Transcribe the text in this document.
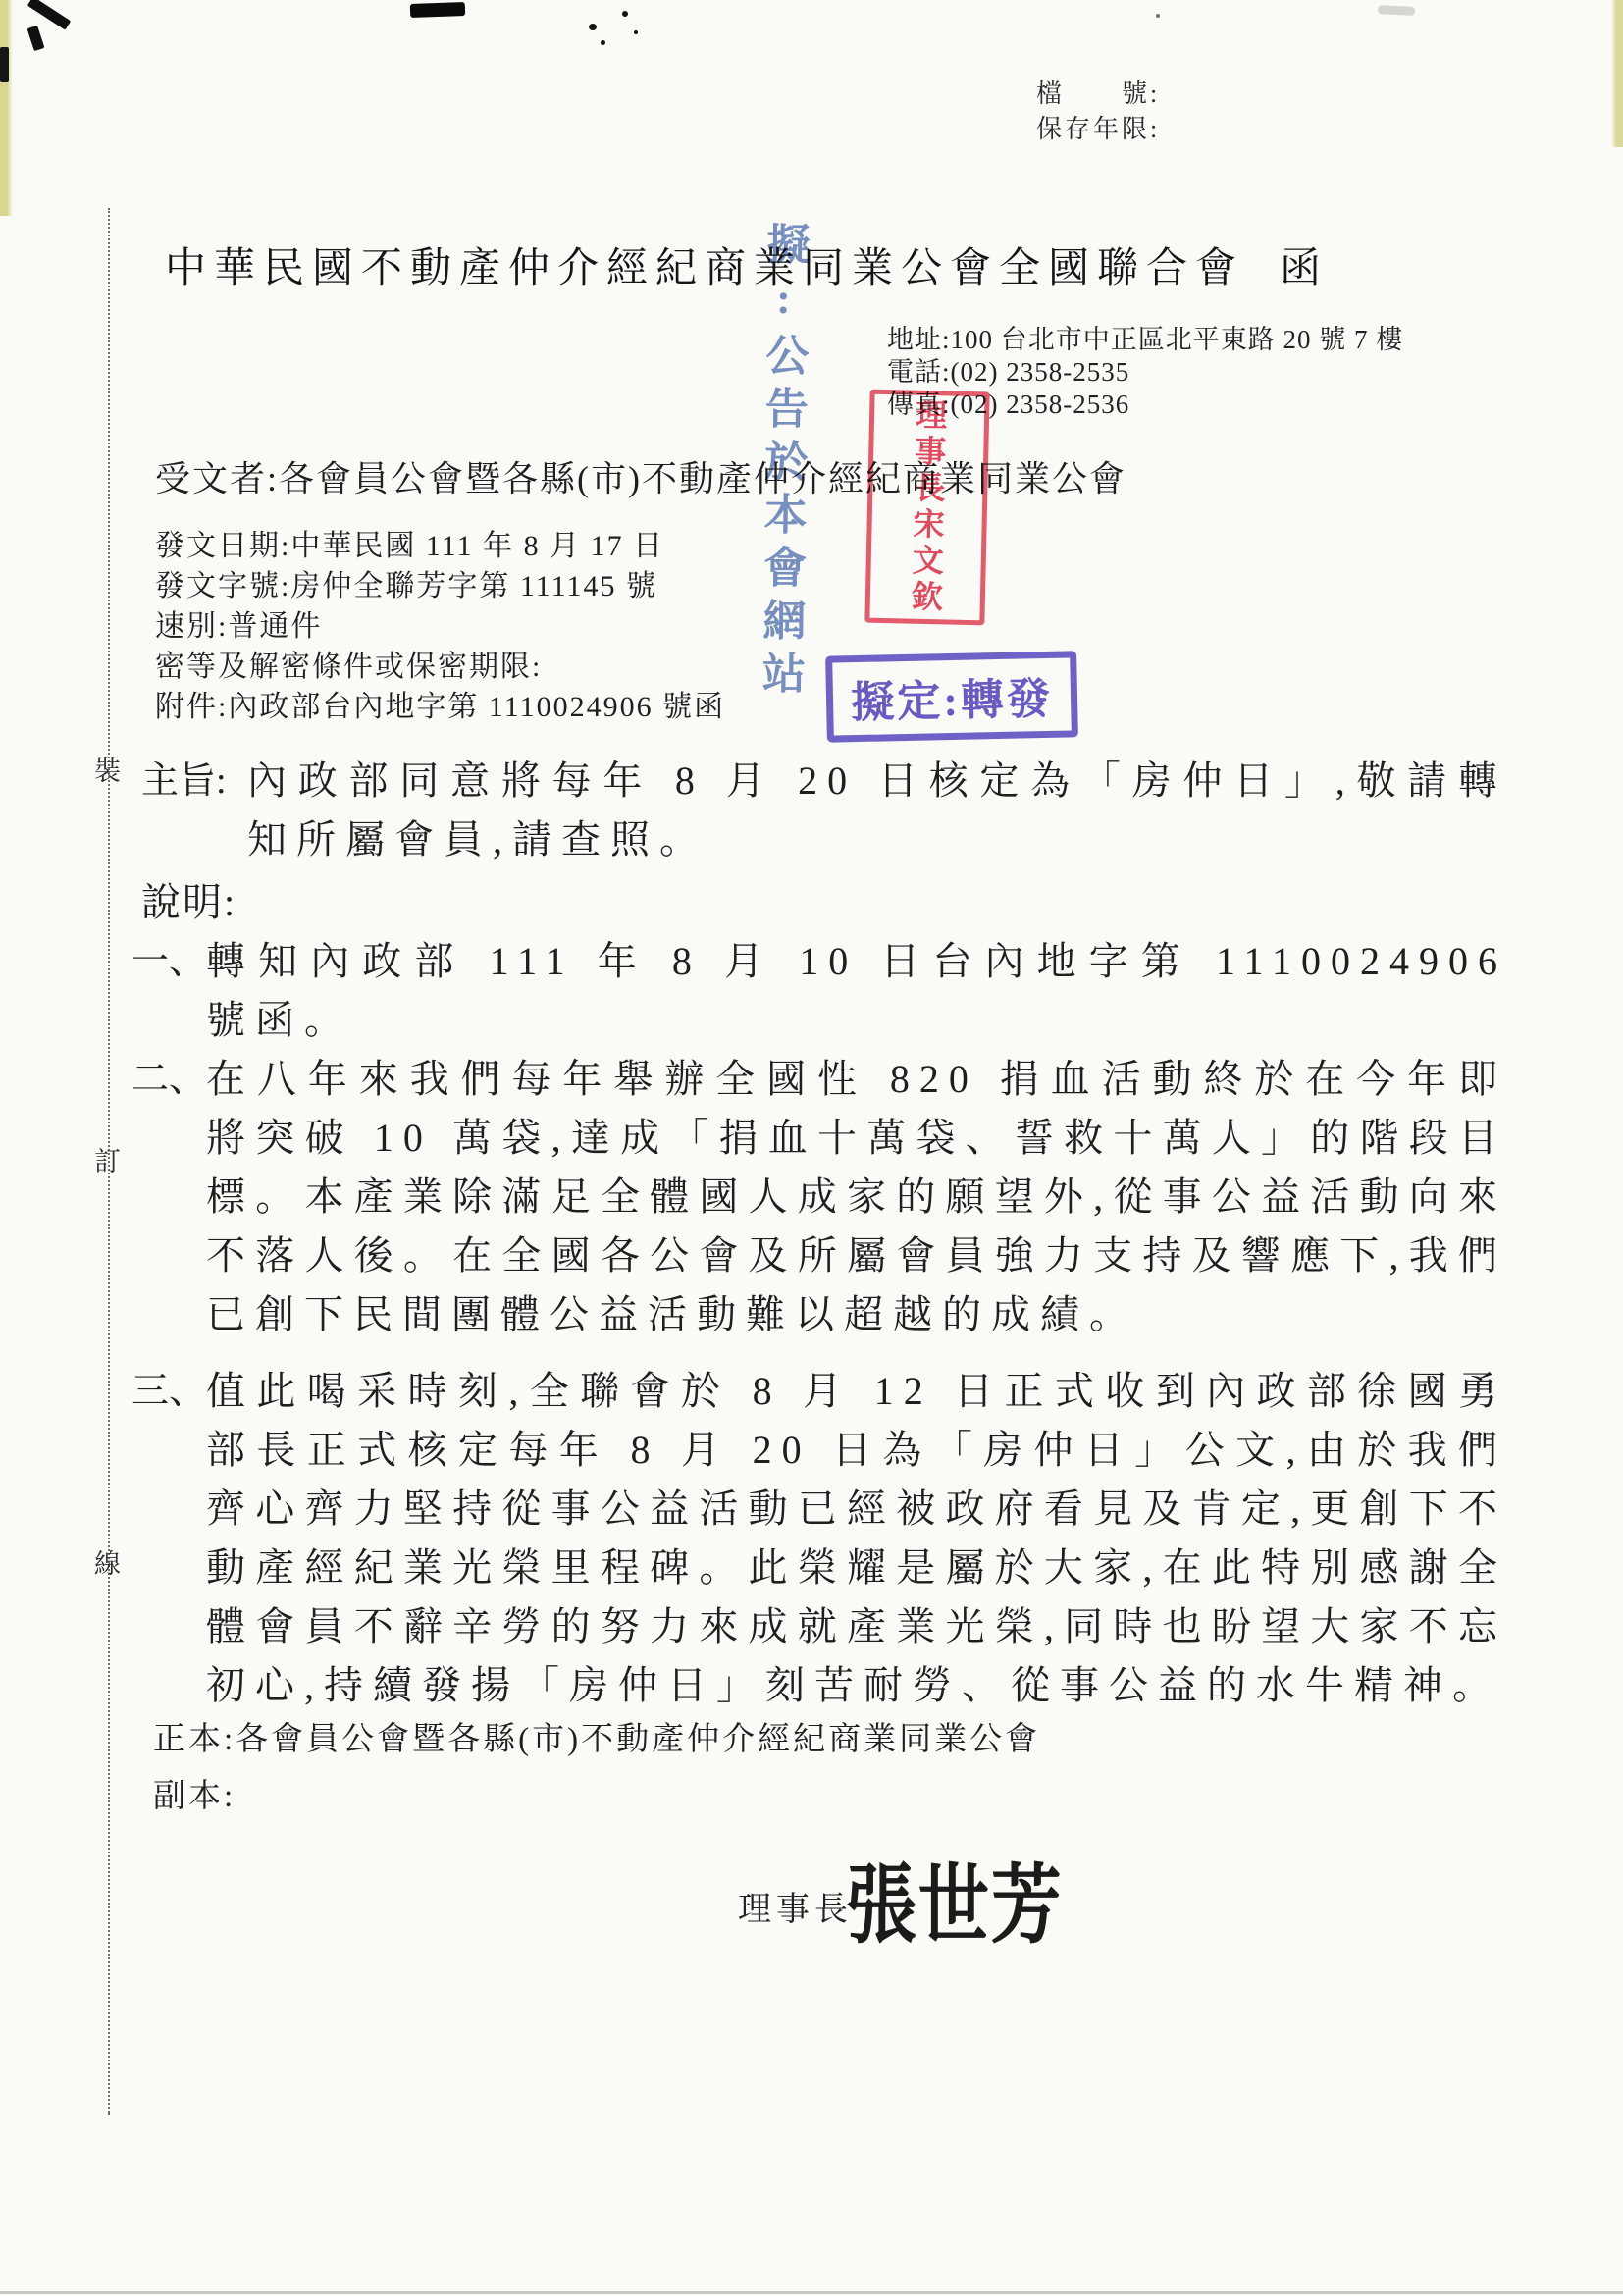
檔　　號:
保存年限:
中華民國不動產仲介經紀商業同業公會全國聯合會 函
地址:100 台北市中正區北平東路 20 號 7 樓
電話:(02) 2358-2535
傳真:(02) 2358-2536
擬:公告於本會網站	理事長宋文欽
受文者:各會員公會暨各縣(市)不動產仲介經紀商業同業公會
發文日期:中華民國 111 年 8 月 17 日
發文字號:房仲全聯芳字第 111145 號
速別:普通件
密等及解密條件或保密期限:
附件:內政部台內地字第 1110024906 號函	擬定:轉發
主旨: 內政部同意將每年 8 月 20 日核定為「房仲日」,敬請轉知所屬會員,請查照。
說明:
一、 轉知內政部 111 年 8 月 10 日台內地字第 1110024906 號函。
二、 在八年來我們每年舉辦全國性 820 捐血活動終於在今年即將突破 10 萬袋,達成「捐血十萬袋、誓救十萬人」的階段目標。本產業除滿足全體國人成家的願望外,從事公益活動向來不落人後。在全國各公會及所屬會員強力支持及響應下,我們已創下民間團體公益活動難以超越的成績。
三、 值此喝采時刻,全聯會於 8 月 12 日正式收到內政部徐國勇部長正式核定每年 8 月 20 日為「房仲日」公文,由於我們齊心齊力堅持從事公益活動已經被政府看見及肯定,更創下不動產經紀業光榮里程碑。此榮耀是屬於大家,在此特別感謝全體會員不辭辛勞的努力來成就產業光榮,同時也盼望大家不忘初心,持續發揚「房仲日」刻苦耐勞、從事公益的水牛精神。
正本:各會員公會暨各縣(市)不動產仲介經紀商業同業公會
副本:
理事長
張世芳
裝
訂
線
